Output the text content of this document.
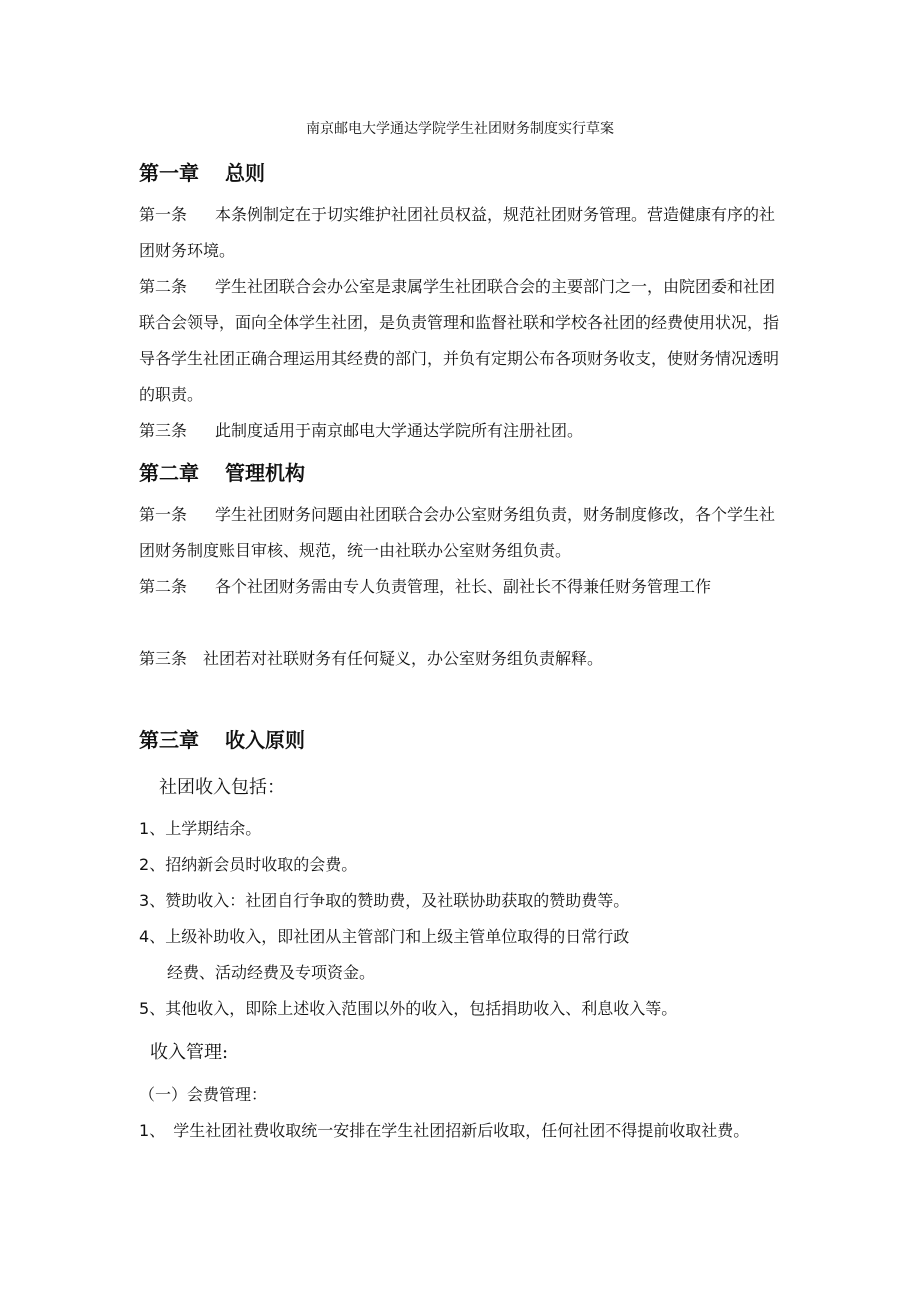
南京邮电大学通达学院学生社团财务制度实行草案
第一章 总则
第一条 本条例制定在于切实维护社团社员权益，规范社团财务管理。营造健康有序的社团财务环境。
第二条 学生社团联合会办公室是隶属学生社团联合会的主要部门之一，由院团委和社团联合会领导，面向全体学生社团，是负责管理和监督社联和学校各社团的经费使用状况，指导各学生社团正确合理运用其经费的部门，并负有定期公布各项财务收支，使财务情况透明的职责。
第三条 此制度适用于南京邮电大学通达学院所有注册社团。
第二章 管理机构
第一条 学生社团财务问题由社团联合会办公室财务组负责，财务制度修改，各个学生社团财务制度账目审核、规范，统一由社联办公室财务组负责。
第二条 各个社团财务需由专人负责管理，社长、副社长不得兼任财务管理工作
第三条 社团若对社联财务有任何疑义，办公室财务组负责解释。
第三章 收入原则
社团收入包括：
1、上学期结余。
2、招纳新会员时收取的会费。
3、赞助收入：社团自行争取的赞助费，及社联协助获取的赞助费等。
4、上级补助收入，即社团从主管部门和上级主管单位取得的日常行政
经费、活动经费及专项资金。
5、其他收入，即除上述收入范围以外的收入，包括捐助收入、利息收入等。
收入管理:
（一）会费管理：
1、 学生社团社费收取统一安排在学生社团招新后收取，任何社团不得提前收取社费。
